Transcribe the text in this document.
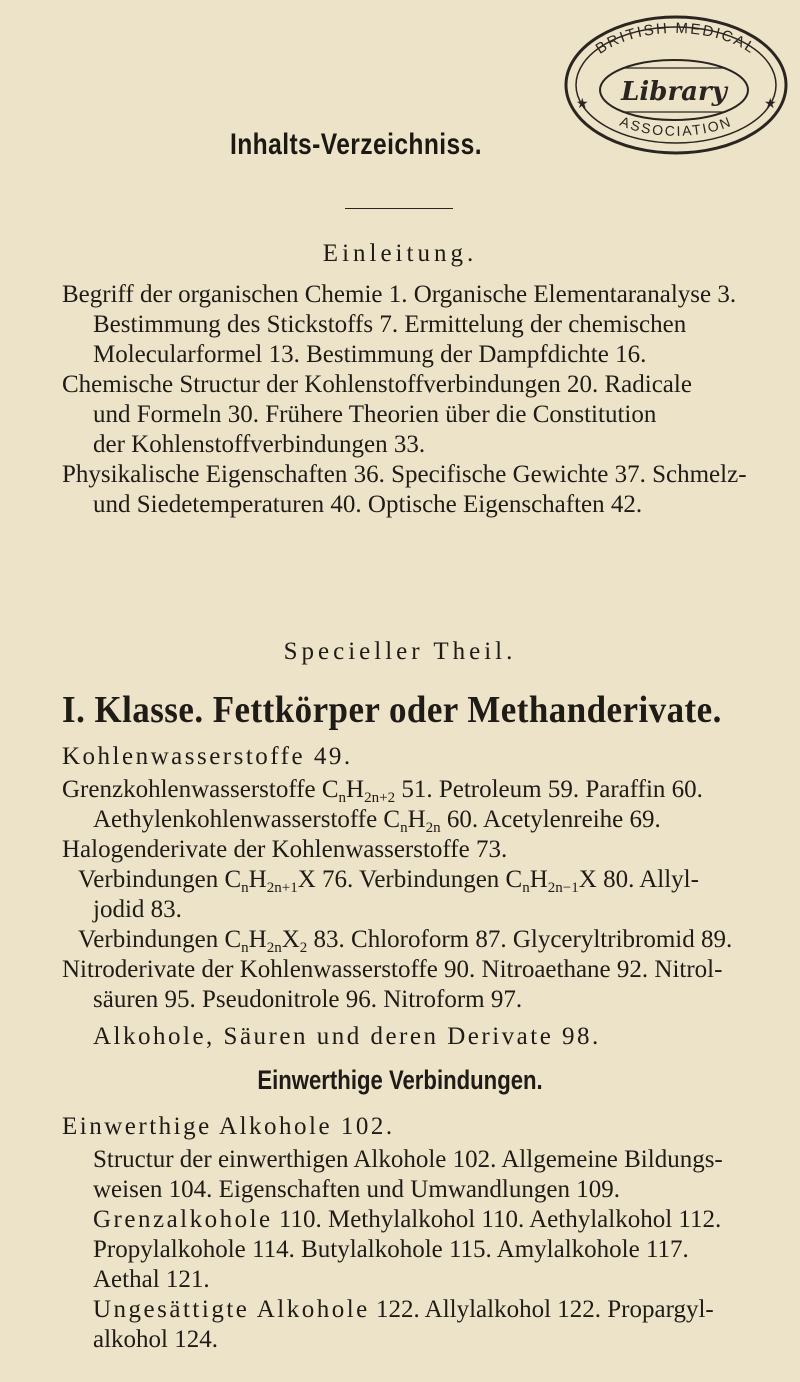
BRITISH MEDICAL
ASSOCIATION
Library
★	★
Inhalts-Verzeichniss.
Einleitung.
Begriff der organischen Chemie 1. Organische Elementaranalyse 3.
Bestimmung des Stickstoffs 7. Ermittelung der chemischen
Molecularformel 13. Bestimmung der Dampfdichte 16.
Chemische Structur der Kohlenstoffverbindungen 20. Radicale
und Formeln 30. Frühere Theorien über die Constitution
der Kohlenstoffverbindungen 33.
Physikalische Eigenschaften 36. Specifische Gewichte 37. Schmelz-
und Siedetemperaturen 40. Optische Eigenschaften 42.
Specieller Theil.
I. Klasse. Fettkörper oder Methanderivate.
Kohlenwasserstoffe 49.
Grenzkohlenwasserstoffe $C_nH_{2n+2}$ 51. Petroleum 59. Paraffin 60.
Aethylenkohlenwasserstoffe $C_nH_{2n}$ 60. Acetylenreihe 69.
Halogenderivate der Kohlenwasserstoffe 73.
Verbindungen $C_nH_{2n+1}X$ 76. Verbindungen $C_nH_{2n-1}X$ 80. Allyl-
jodid 83.
Verbindungen $C_nH_{2n}X_2$ 83. Chloroform 87. Glyceryltribromid 89.
Nitroderivate der Kohlenwasserstoffe 90. Nitroaethane 92. Nitrol-
säuren 95. Pseudonitrole 96. Nitroform 97.
Alkohole, Säuren und deren Derivate 98.
Einwerthige Verbindungen.
Einwerthige Alkohole 102.
Structur der einwerthigen Alkohole 102. Allgemeine Bildungs-
weisen 104. Eigenschaften und Umwandlungen 109.
Grenzalkohole 110. Methylalkohol 110. Aethylalkohol 112.
Propylalkohole 114. Butylalkohole 115. Amylalkohole 117.
Aethal 121.
Ungesättigte Alkohole 122. Allylalkohol 122. Propargyl-
alkohol 124.
